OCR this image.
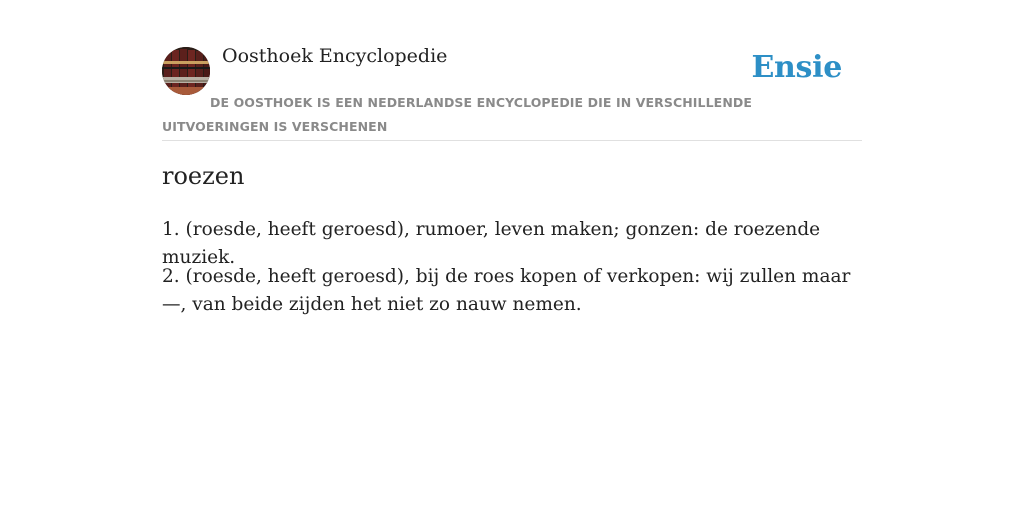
Oosthoek Encyclopedie	Ensie
DE OOSTHOEK IS EEN NEDERLANDSE ENCYCLOPEDIE DIE IN VERSCHILLENDE UITVOERINGEN IS VERSCHENEN
roezen

1. (roesde, heeft geroesd), rumoer, leven maken; gonzen: de roezende muziek.

2. (roesde, heeft geroesd), bij de roes kopen of verkopen: wij zullen maar —, van beide zijden het niet zo nauw nemen.
